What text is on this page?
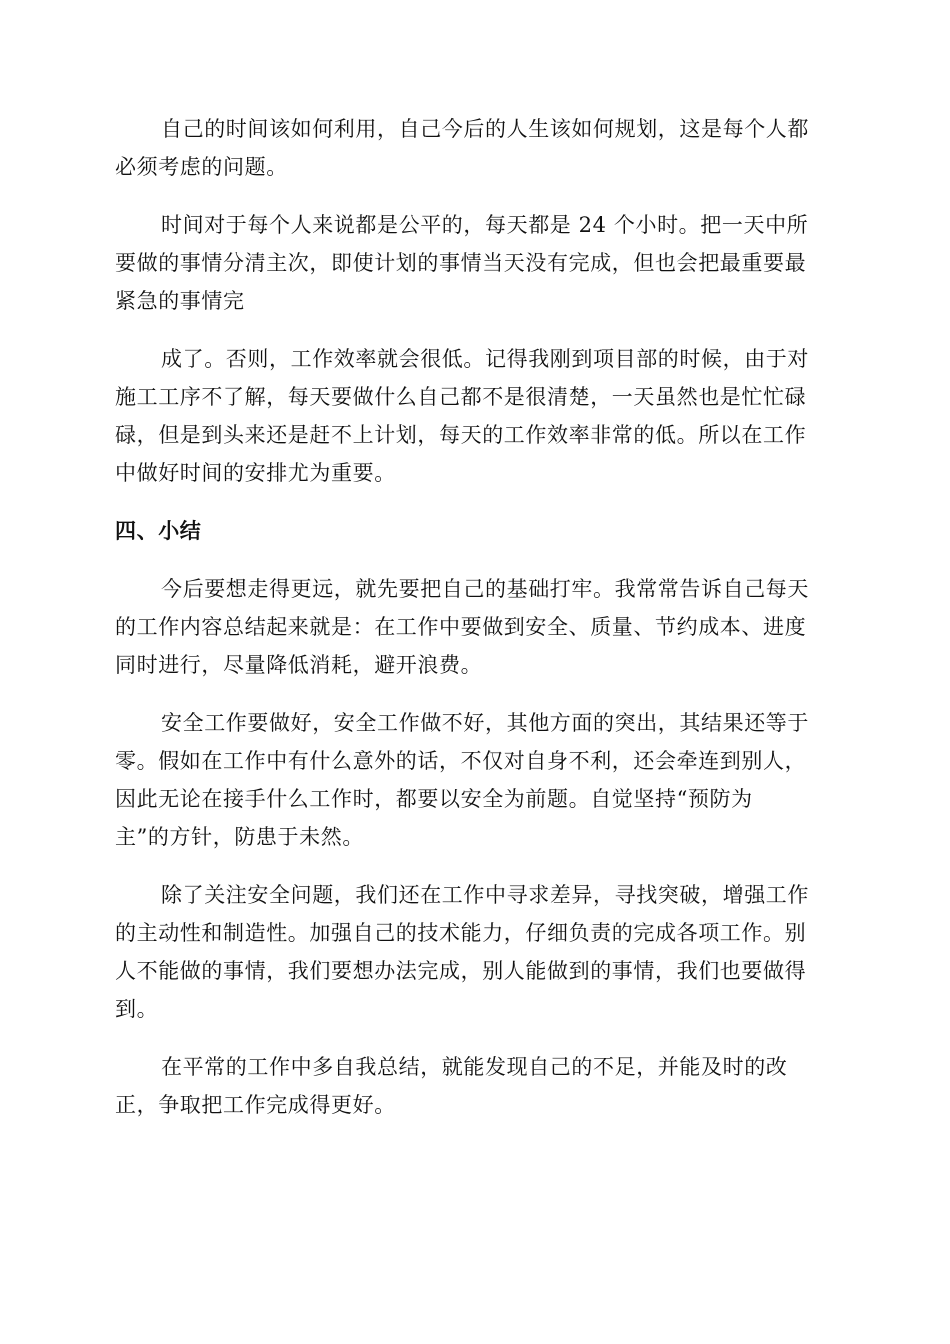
自己的时间该如何利用，自己今后的人生该如何规划，这是每个人都
必须考虑的问题。

时间对于每个人来说都是公平的，每天都是 24 个小时。把一天中所
要做的事情分清主次，即使计划的事情当天没有完成，但也会把最重要最
紧急的事情完

成了。否则，工作效率就会很低。记得我刚到项目部的时候，由于对
施工工序不了解，每天要做什么自己都不是很清楚，一天虽然也是忙忙碌
碌，但是到头来还是赶不上计划，每天的工作效率非常的低。所以在工作
中做好时间的安排尤为重要。

四、小结

今后要想走得更远，就先要把自己的基础打牢。我常常告诉自己每天
的工作内容总结起来就是：在工作中要做到安全、质量、节约成本、进度
同时进行，尽量降低消耗，避开浪费。

安全工作要做好，安全工作做不好，其他方面的突出，其结果还等于
零。假如在工作中有什么意外的话，不仅对自身不利，还会牵连到别人，
因此无论在接手什么工作时，都要以安全为前题。自觉坚持“预防为
主”的方针，防患于未然。

除了关注安全问题，我们还在工作中寻求差异，寻找突破，增强工作
的主动性和制造性。加强自己的技术能力，仔细负责的完成各项工作。别
人不能做的事情，我们要想办法完成，别人能做到的事情，我们也要做得
到。

在平常的工作中多自我总结，就能发现自己的不足，并能及时的改
正，争取把工作完成得更好。
